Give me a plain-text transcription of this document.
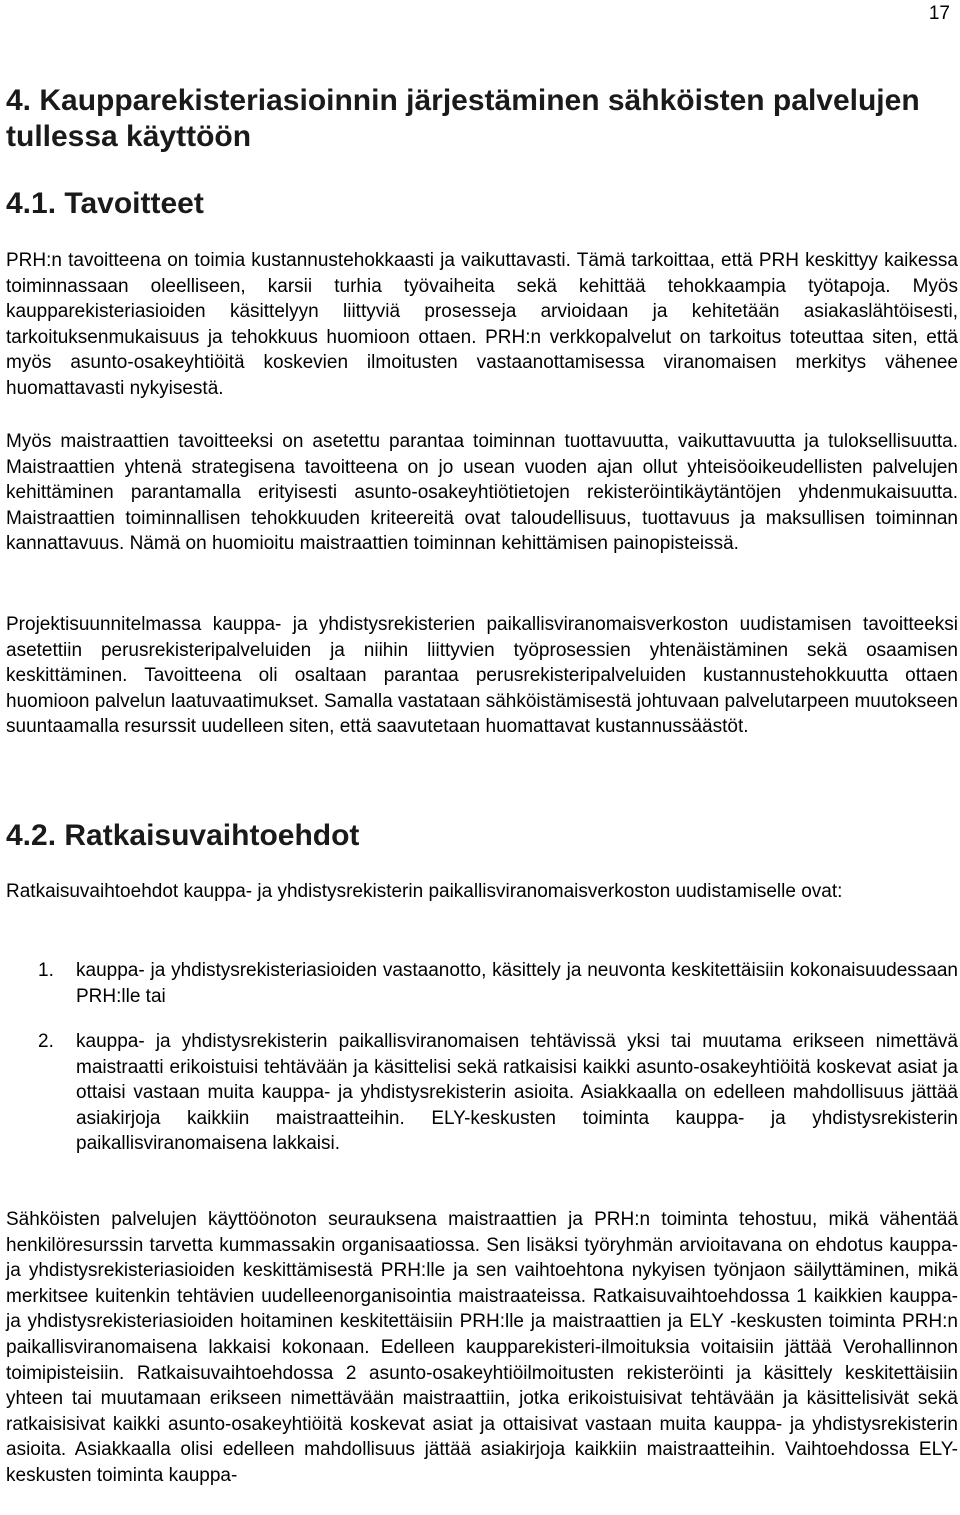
17
4. Kaupparekisteriasioinnin järjestäminen sähköisten palvelujen tullessa käyttöön
4.1. Tavoitteet

PRH:n tavoitteena on toimia kustannustehokkaasti ja vaikuttavasti. Tämä tarkoittaa, että PRH keskittyy kaikessa toiminnassaan oleelliseen, karsii turhia työvaiheita sekä kehittää tehokkaampia työtapoja. Myös kaupparekisteriasioiden käsittelyyn liittyviä prosesseja arvioidaan ja kehitetään asiakaslähtöisesti, tarkoituksenmukaisuus ja tehokkuus huomioon ottaen. PRH:n verkkopalvelut on tarkoitus toteuttaa siten, että myös asunto-osakeyhtiöitä koskevien ilmoitusten vastaanottamisessa viranomaisen merkitys vähenee huomattavasti nykyisestä.

Myös maistraattien tavoitteeksi on asetettu parantaa toiminnan tuottavuutta, vaikuttavuutta ja tuloksellisuutta. Maistraattien yhtenä strategisena tavoitteena on jo usean vuoden ajan ollut yhteisöoikeudellisten palvelujen kehittäminen parantamalla erityisesti asunto-osakeyhtiötietojen rekisteröintikäytäntöjen yhdenmukaisuutta. Maistraattien toiminnallisen tehokkuuden kriteereitä ovat taloudellisuus, tuottavuus ja maksullisen toiminnan kannattavuus. Nämä on huomioitu maistraattien toiminnan kehittämisen painopisteissä.

Projektisuunnitelmassa kauppa- ja yhdistysrekisterien paikallisviranomaisverkoston uudistamisen tavoitteeksi asetettiin perusrekisteripalveluiden ja niihin liittyvien työprosessien yhtenäistäminen sekä osaamisen keskittäminen. Tavoitteena oli osaltaan parantaa perusrekisteripalveluiden kustannustehokkuutta ottaen huomioon palvelun laatuvaatimukset. Samalla vastataan sähköistämisestä johtuvaan palvelutarpeen muutokseen suuntaamalla resurssit uudelleen siten, että saavutetaan huomattavat kustannussäästöt.

4.2. Ratkaisuvaihtoehdot

Ratkaisuvaihtoehdot kauppa- ja yhdistysrekisterin paikallisviranomaisverkoston uudistamiselle ovat:

1.	kauppa- ja yhdistysrekisteriasioiden vastaanotto, käsittely ja neuvonta keskitettäisiin kokonaisuudessaan PRH:lle tai
2.	kauppa- ja yhdistysrekisterin paikallisviranomaisen tehtävissä yksi tai muutama erikseen nimettävä maistraatti erikoistuisi tehtävään ja käsittelisi sekä ratkaisisi kaikki asunto-osakeyhtiöitä koskevat asiat ja ottaisi vastaan muita kauppa- ja yhdistysrekisterin asioita. Asiakkaalla on edelleen mahdollisuus jättää asiakirjoja kaikkiin maistraatteihin. ELY-keskusten toiminta kauppa- ja yhdistysrekisterin paikallisviranomaisena lakkaisi.

Sähköisten palvelujen käyttöönoton seurauksena maistraattien ja PRH:n toiminta tehostuu, mikä vähentää henkilöresurssin tarvetta kummassakin organisaatiossa. Sen lisäksi työryhmän arvioitavana on ehdotus kauppa- ja yhdistysrekisteriasioiden keskittämisestä PRH:lle ja sen vaihtoehtona nykyisen työnjaon säilyttäminen, mikä merkitsee kuitenkin tehtävien uudelleenorganisointia maistraateissa. Ratkaisuvaihtoehdossa 1 kaikkien kauppa- ja yhdistysrekisteriasioiden hoitaminen keskitettäisiin PRH:lle ja maistraattien ja ELY -keskusten toiminta PRH:n paikallisviranomaisena lakkaisi kokonaan. Edelleen kaupparekisteri-ilmoituksia voitaisiin jättää Verohallinnon toimipisteisiin. Ratkaisuvaihtoehdossa 2 asunto-osakeyhtiöilmoitusten rekisteröinti ja käsittely keskitettäisiin yhteen tai muutamaan erikseen nimettävään maistraattiin, jotka erikoistuisivat tehtävään ja käsittelisivät sekä ratkaisisivat kaikki asunto-osakeyhtiöitä koskevat asiat ja ottaisivat vastaan muita kauppa- ja yhdistysrekisterin asioita. Asiakkaalla olisi edelleen mahdollisuus jättää asiakirjoja kaikkiin maistraatteihin. Vaihtoehdossa ELY-keskusten toiminta kauppa-
